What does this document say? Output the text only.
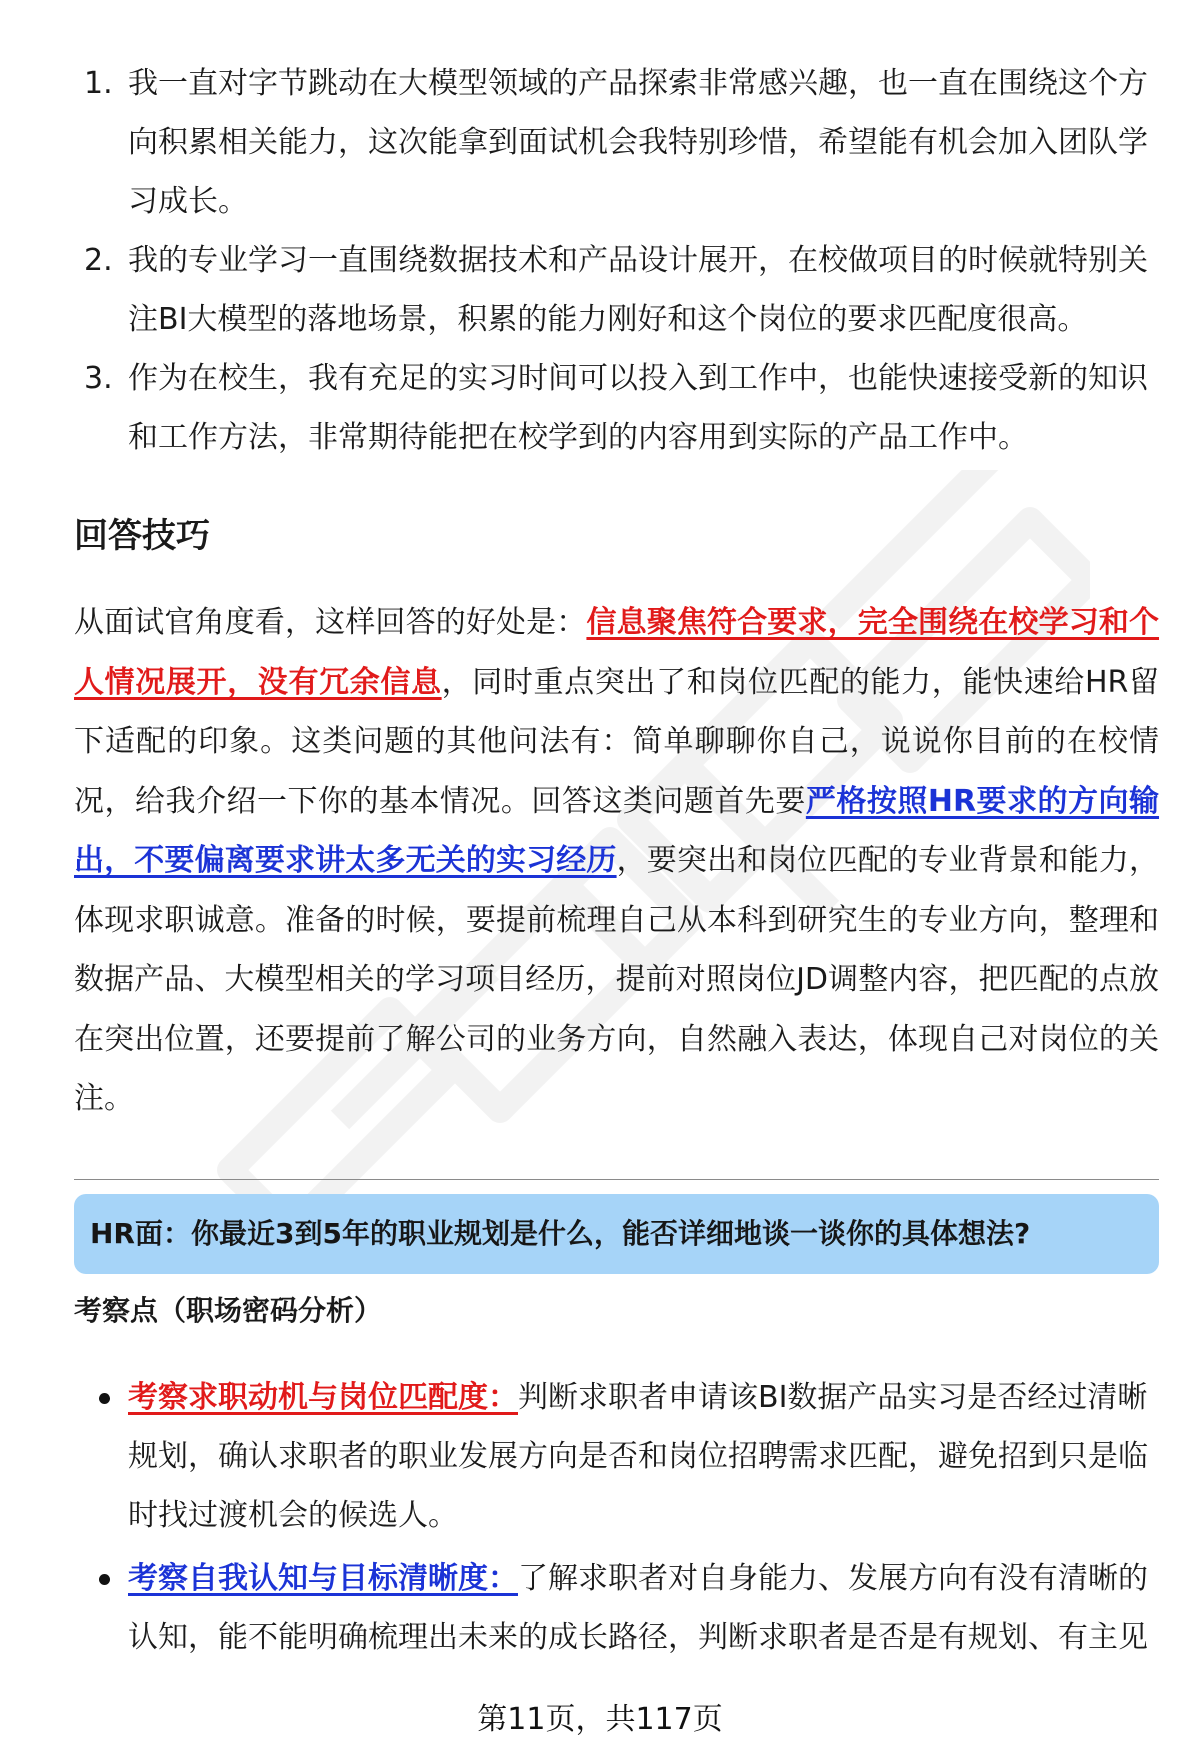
1. 我一直对字节跳动在大模型领域的产品探索非常感兴趣，也一直在围绕这个方向积累相关能力，这次能拿到面试机会我特别珍惜，希望能有机会加入团队学习成长。
2. 我的专业学习一直围绕数据技术和产品设计展开，在校做项目的时候就特别关注BI大模型的落地场景，积累的能力刚好和这个岗位的要求匹配度很高。
3. 作为在校生，我有充足的实习时间可以投入到工作中，也能快速接受新的知识和工作方法，非常期待能把在校学到的内容用到实际的产品工作中。
回答技巧

从面试官角度看，这样回答的好处是：信息聚焦符合要求，完全围绕在校学习和个人情况展开，没有冗余信息，同时重点突出了和岗位匹配的能力，能快速给HR留下适配的印象。这类问题的其他问法有：简单聊聊你自己，说说你目前的在校情况，给我介绍一下你的基本情况。回答这类问题首先要严格按照HR要求的方向输出，不要偏离要求讲太多无关的实习经历，要突出和岗位匹配的专业背景和能力，体现求职诚意。准备的时候，要提前梳理自己从本科到研究生的专业方向，整理和数据产品、大模型相关的学习项目经历，提前对照岗位JD调整内容，把匹配的点放在突出位置，还要提前了解公司的业务方向，自然融入表达，体现自己对岗位的关注。

HR面：你最近3到5年的职业规划是什么，能否详细地谈一谈你的具体想法?
考察点（职场密码分析）
考察求职动机与岗位匹配度：判断求职者申请该BI数据产品实习是否经过清晰规划，确认求职者的职业发展方向是否和岗位招聘需求匹配，避免招到只是临时找过渡机会的候选人。
考察自我认知与目标清晰度：了解求职者对自身能力、发展方向有没有清晰的认知，能不能明确梳理出未来的成长路径，判断求职者是否是有规划、有主见
第11页，共117页
